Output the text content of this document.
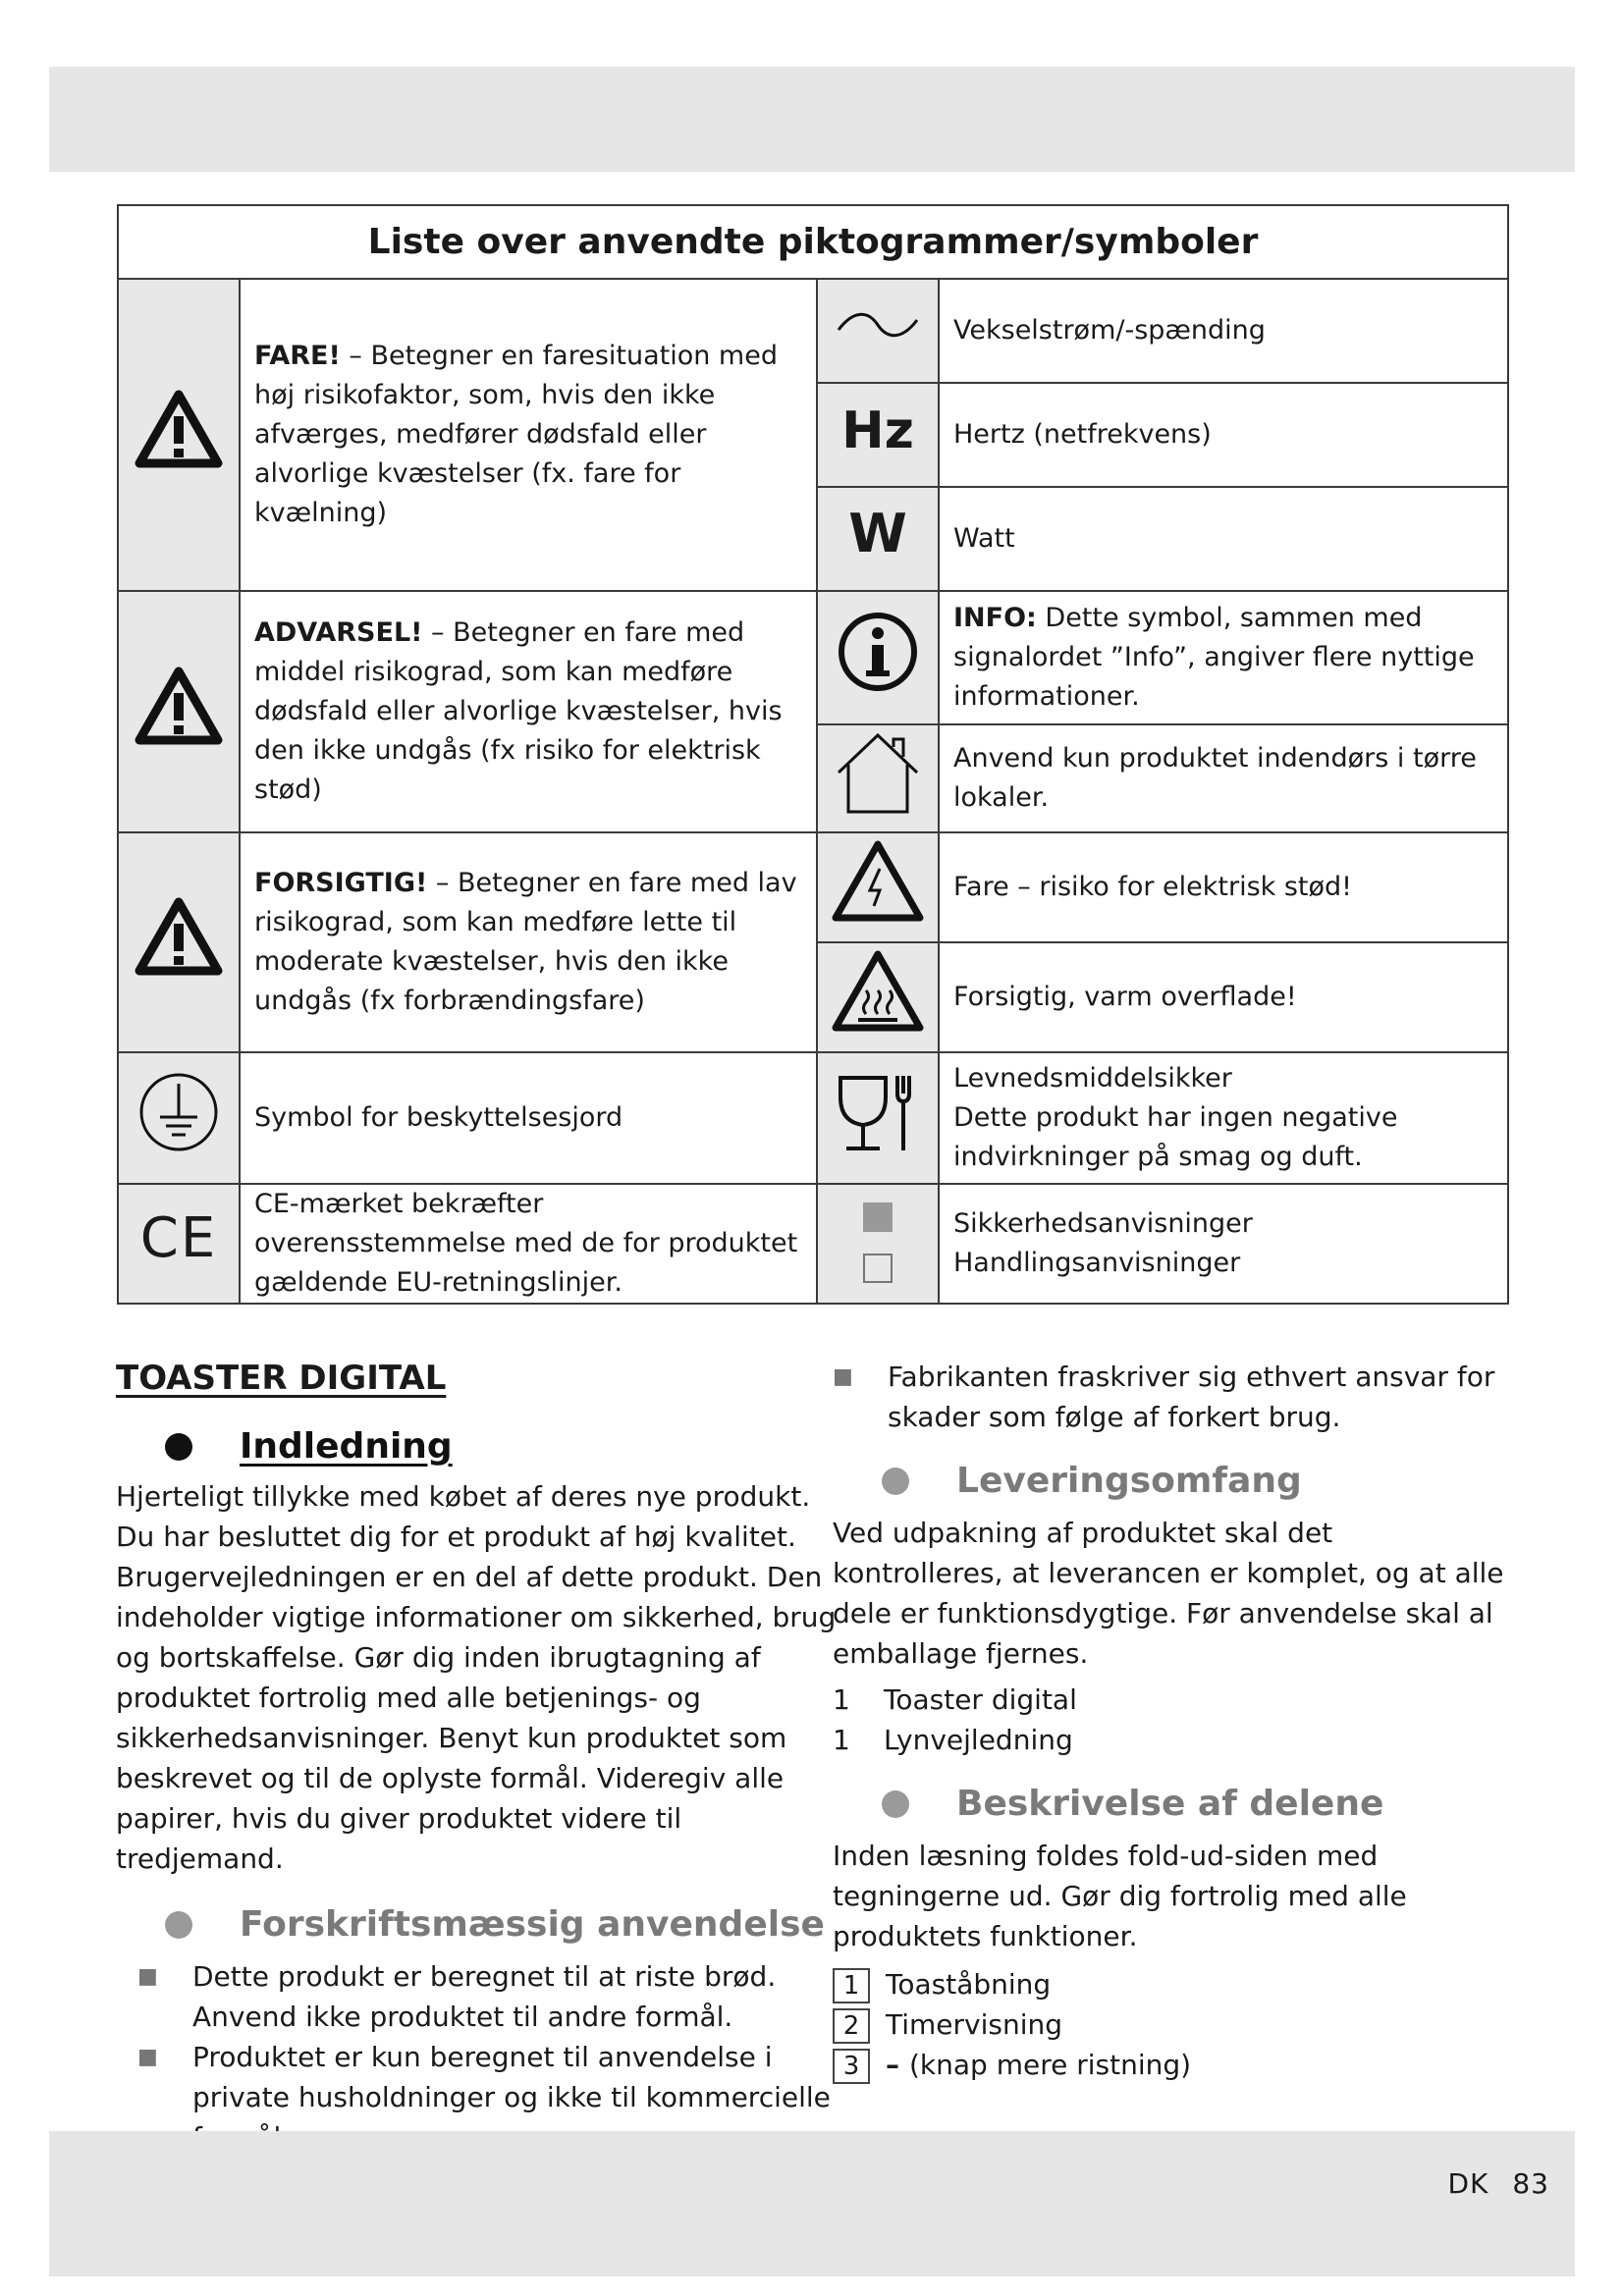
Liste over anvendte piktogrammer/symboler			
	FARE! – Betegner en faresituation med høj risikofaktor, som, hvis den ikke afværges, medfører dødsfald eller alvorlige kvæstelser (fx. fare for kvælning)		Vekselstrøm/-spænding
		Hz	Hertz (netfrekvens)
		W	Watt
	ADVARSEL! – Betegner en fare med middel risikograd, som kan medføre dødsfald eller alvorlige kvæstelser, hvis den ikke undgås (fx risiko for elektrisk stød)		INFO: Dette symbol, sammen med signalordet ”Info”, angiver flere nyttige informationer.
	Anvend kun produktet indendørs i tørre lokaler.
	FORSIGTIG! – Betegner en fare med lav risikograd, som kan medføre lette til moderate kvæstelser, hvis den ikke undgås (fx forbrændingsfare)		Fare – risiko for elektrisk stød!
	Forsigtig, varm overflade!
	Symbol for beskyttelsesjord		Levnedsmiddelsikker
Dette produkt har ingen negative indvirkninger på smag og duft.
CE	CE-mærket bekræfter overensstemmelse med de for produktet gældende EU-retningslinjer.		Sikkerhedsanvisninger
Handlingsanvisninger
TOASTER DIGITAL
Indledning
Hjerteligt tillykke med købet af deres nye produkt. Du har besluttet dig for et produkt af høj kvalitet. Brugervejledningen er en del af dette produkt. Den indeholder vigtige informationer om sikkerhed, brug og bortskaffelse. Gør dig inden ibrugtagning af produktet fortrolig med alle betjenings- og sikkerhedsanvisninger. Benyt kun produktet som beskrevet og til de oplyste formål. Videregiv alle papirer, hvis du giver produktet videre til tredjemand.
Forskriftsmæssig anvendelse
■	Dette produkt er beregnet til at riste brød. Anvend ikke produktet til andre formål.
■	Produktet er kun beregnet til anvendelse i private husholdninger og ikke til kommercielle
■	Fabrikanten fraskriver sig ethvert ansvar for skader som følge af forkert brug.
Leveringsomfang
Ved udpakning af produktet skal det kontrolleres, at leverancen er komplet, og at alle dele er funktionsdygtige. Før anvendelse skal al emballage fjernes.
1 Toaster digital
1 Lynvejledning
Beskrivelse af delene
Inden læsning foldes fold-ud-siden med tegningerne ud. Gør dig fortrolig med alle produktets funktioner.
1 Toaståbning
2 Timervisning
3 – (knap mere ristning)
DK 83
